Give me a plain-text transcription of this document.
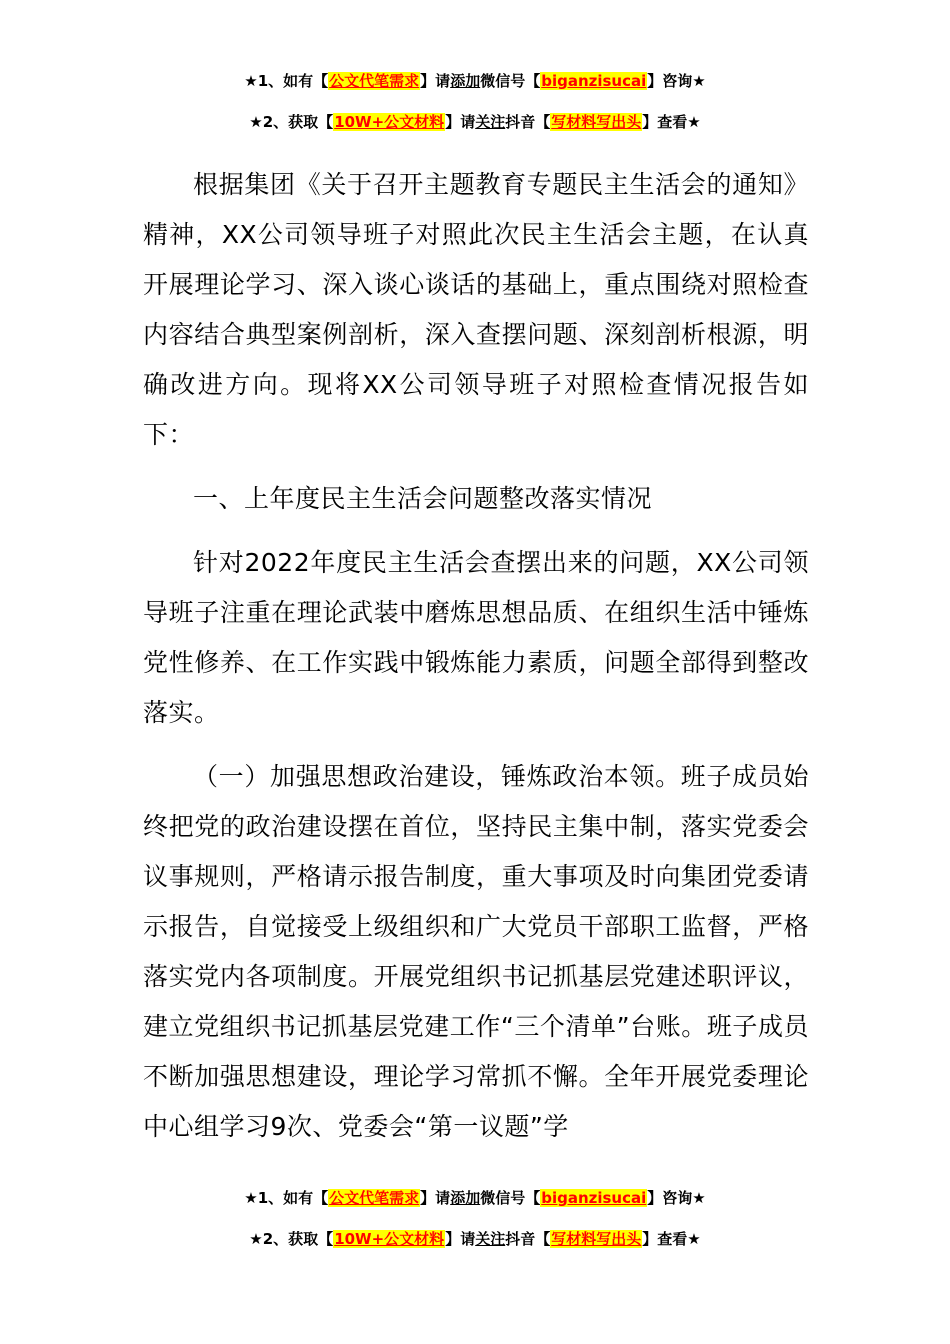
★1、如有【公文代笔需求】请添加微信号【biganzisucai】咨询★
★2、获取【10W+公文材料】请关注抖音【写材料写出头】查看★

根据集团《关于召开主题教育专题民主生活会的通知》精神，XX公司领导班子对照此次民主生活会主题，在认真开展理论学习、深入谈心谈话的基础上，重点围绕对照检查内容结合典型案例剖析，深入查摆问题、深刻剖析根源，明确改进方向。现将XX公司领导班子对照检查情况报告如下：

一、上年度民主生活会问题整改落实情况

针对2022年度民主生活会查摆出来的问题，XX公司领导班子注重在理论武装中磨炼思想品质、在组织生活中锤炼党性修养、在工作实践中锻炼能力素质，问题全部得到整改落实。

（一）加强思想政治建设，锤炼政治本领。班子成员始终把党的政治建设摆在首位，坚持民主集中制，落实党委会议事规则，严格请示报告制度，重大事项及时向集团党委请示报告，自觉接受上级组织和广大党员干部职工监督，严格落实党内各项制度。开展党组织书记抓基层党建述职评议，建立党组织书记抓基层党建工作“三个清单”台账。班子成员不断加强思想建设，理论学习常抓不懈。全年开展党委理论中心组学习9次、党委会“第一议题”学

★1、如有【公文代笔需求】请添加微信号【biganzisucai】咨询★
★2、获取【10W+公文材料】请关注抖音【写材料写出头】查看★
